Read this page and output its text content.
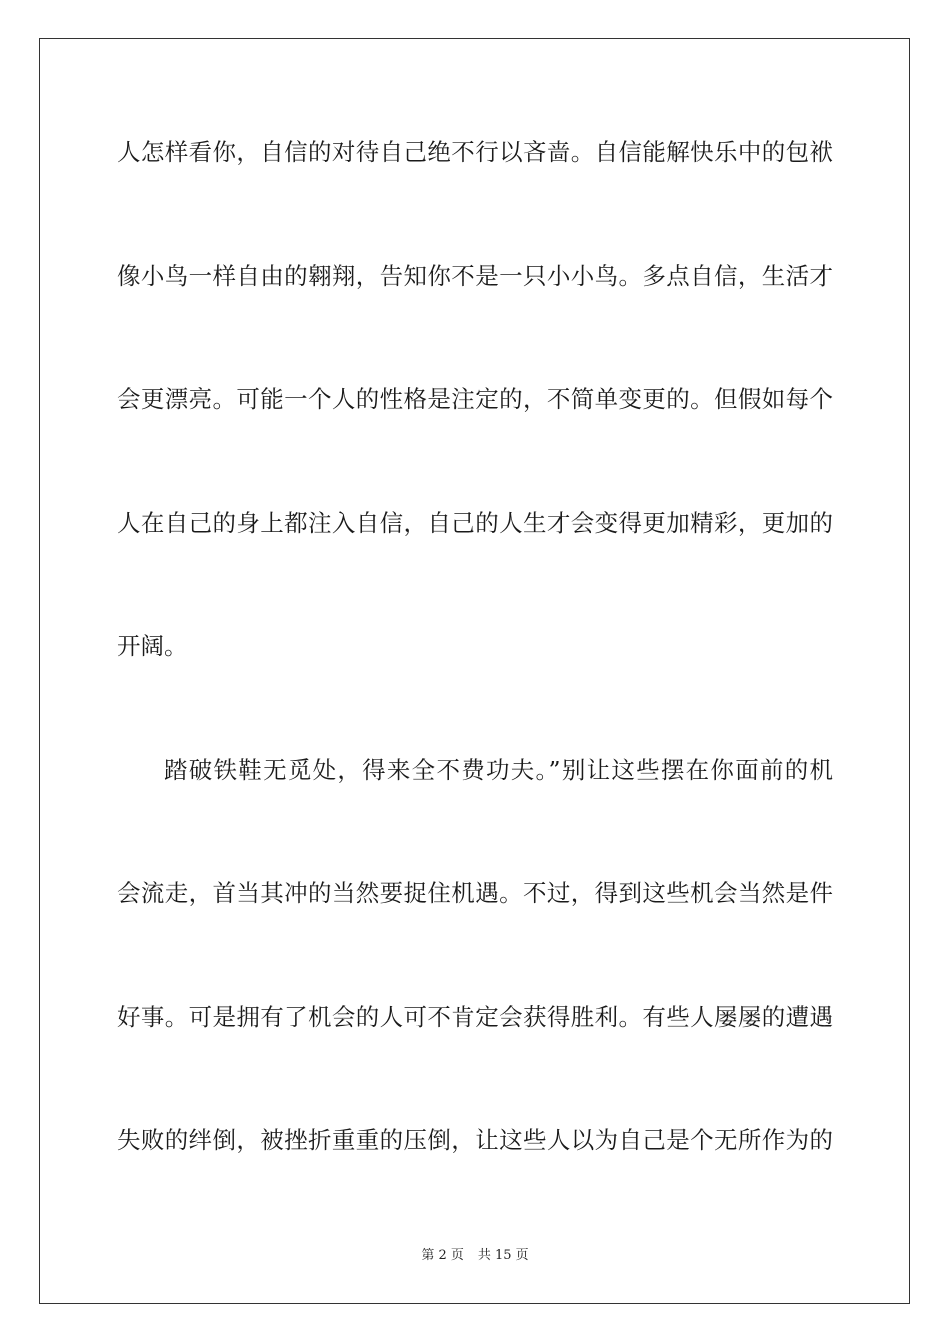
人怎样看你，自信的对待自己绝不行以吝啬。自信能解快乐中的包袱
像小鸟一样自由的翱翔，告知你不是一只小小鸟。多点自信，生活才
会更漂亮。可能一个人的性格是注定的，不简单变更的。但假如每个
人在自己的身上都注入自信，自己的人生才会变得更加精彩，更加的
开阔。
踏破铁鞋无觅处，得来全不费功夫。”别让这些摆在你面前的机
会流走，首当其冲的当然要捉住机遇。不过，得到这些机会当然是件
好事。可是拥有了机会的人可不肯定会获得胜利。有些人屡屡的遭遇
失败的绊倒，被挫折重重的压倒，让这些人以为自己是个无所作为的
第 2 页 共 15 页
